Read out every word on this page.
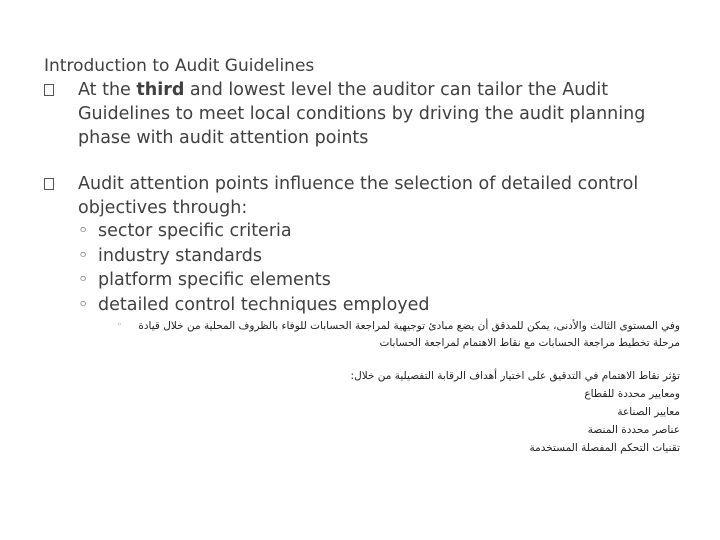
Introduction to Audit Guidelines
At the third and lowest level the auditor can tailor the Audit Guidelines to meet local conditions by driving the audit planning phase with audit attention points
Audit attention points influence the selection of detailed control objectives through:
◦ sector specific criteria
◦ industry standards
◦ platform specific elements
◦ detailed control techniques employed
◦ وفي المستوى الثالث والأدنى، يمكن للمدقق أن يضع مبادئ توجيهية لمراجعة الحسابات للوفاء بالظروف المحلية من خلال قيادة
مرحلة تخطيط مراجعة الحسابات مع نقاط الاهتمام لمراجعة الحسابات
تؤثر نقاط الاهتمام في التدقيق على اختيار أهداف الرقابة التفصيلية من خلال:
ومعايير محددة للقطاع
معايير الصناعة
عناصر محددة المنصة
تقنيات التحكم المفصلة المستخدمة
